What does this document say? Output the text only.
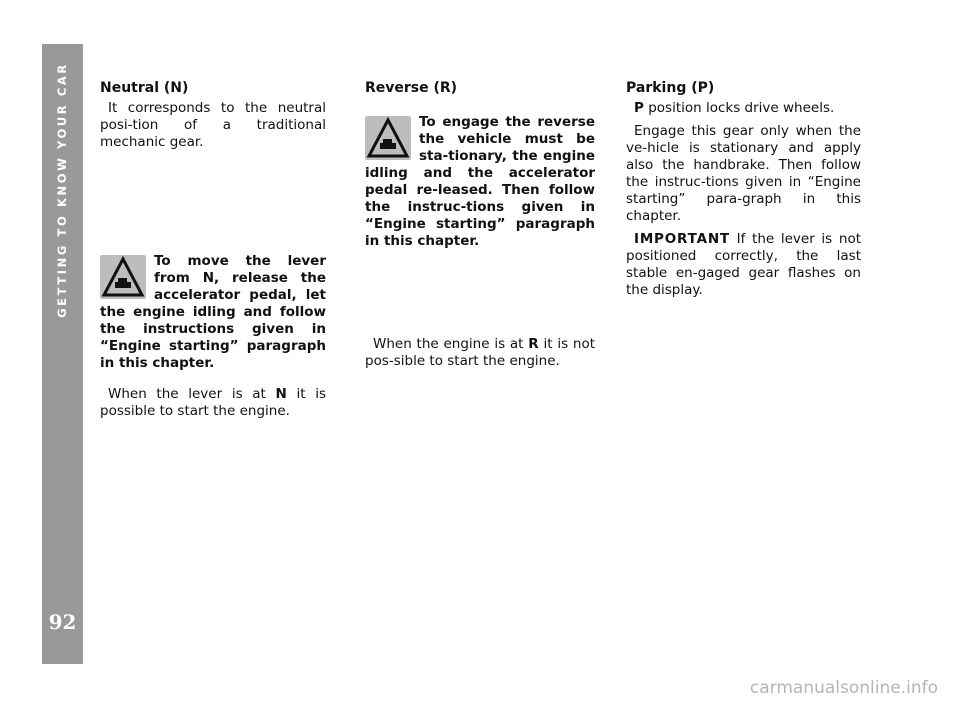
GETTING TO KNOW YOUR CAR
92
Neutral (N)

It corresponds to the neutral posi-tion of a traditional mechanic gear.

To move the lever from N, release the accelerator pedal, let the engine idling and follow the instructions given in “Engine starting” paragraph in this chapter.

When the lever is at N it is possible to start the engine.

Reverse (R)
To engage the reverse the vehicle must be sta-tionary, the engine idling and the accelerator pedal re-leased. Then follow the instruc-tions given in “Engine starting” paragraph in this chapter.

When the engine is at R it is not pos-sible to start the engine.

Parking (P)

P position locks drive wheels.

Engage this gear only when the ve-hicle is stationary and apply also the handbrake. Then follow the instruc-tions given in “Engine starting” para-graph in this chapter.

IMPORTANT If the lever is not positioned correctly, the last stable en-gaged gear flashes on the display.

carmanualsonline.info
